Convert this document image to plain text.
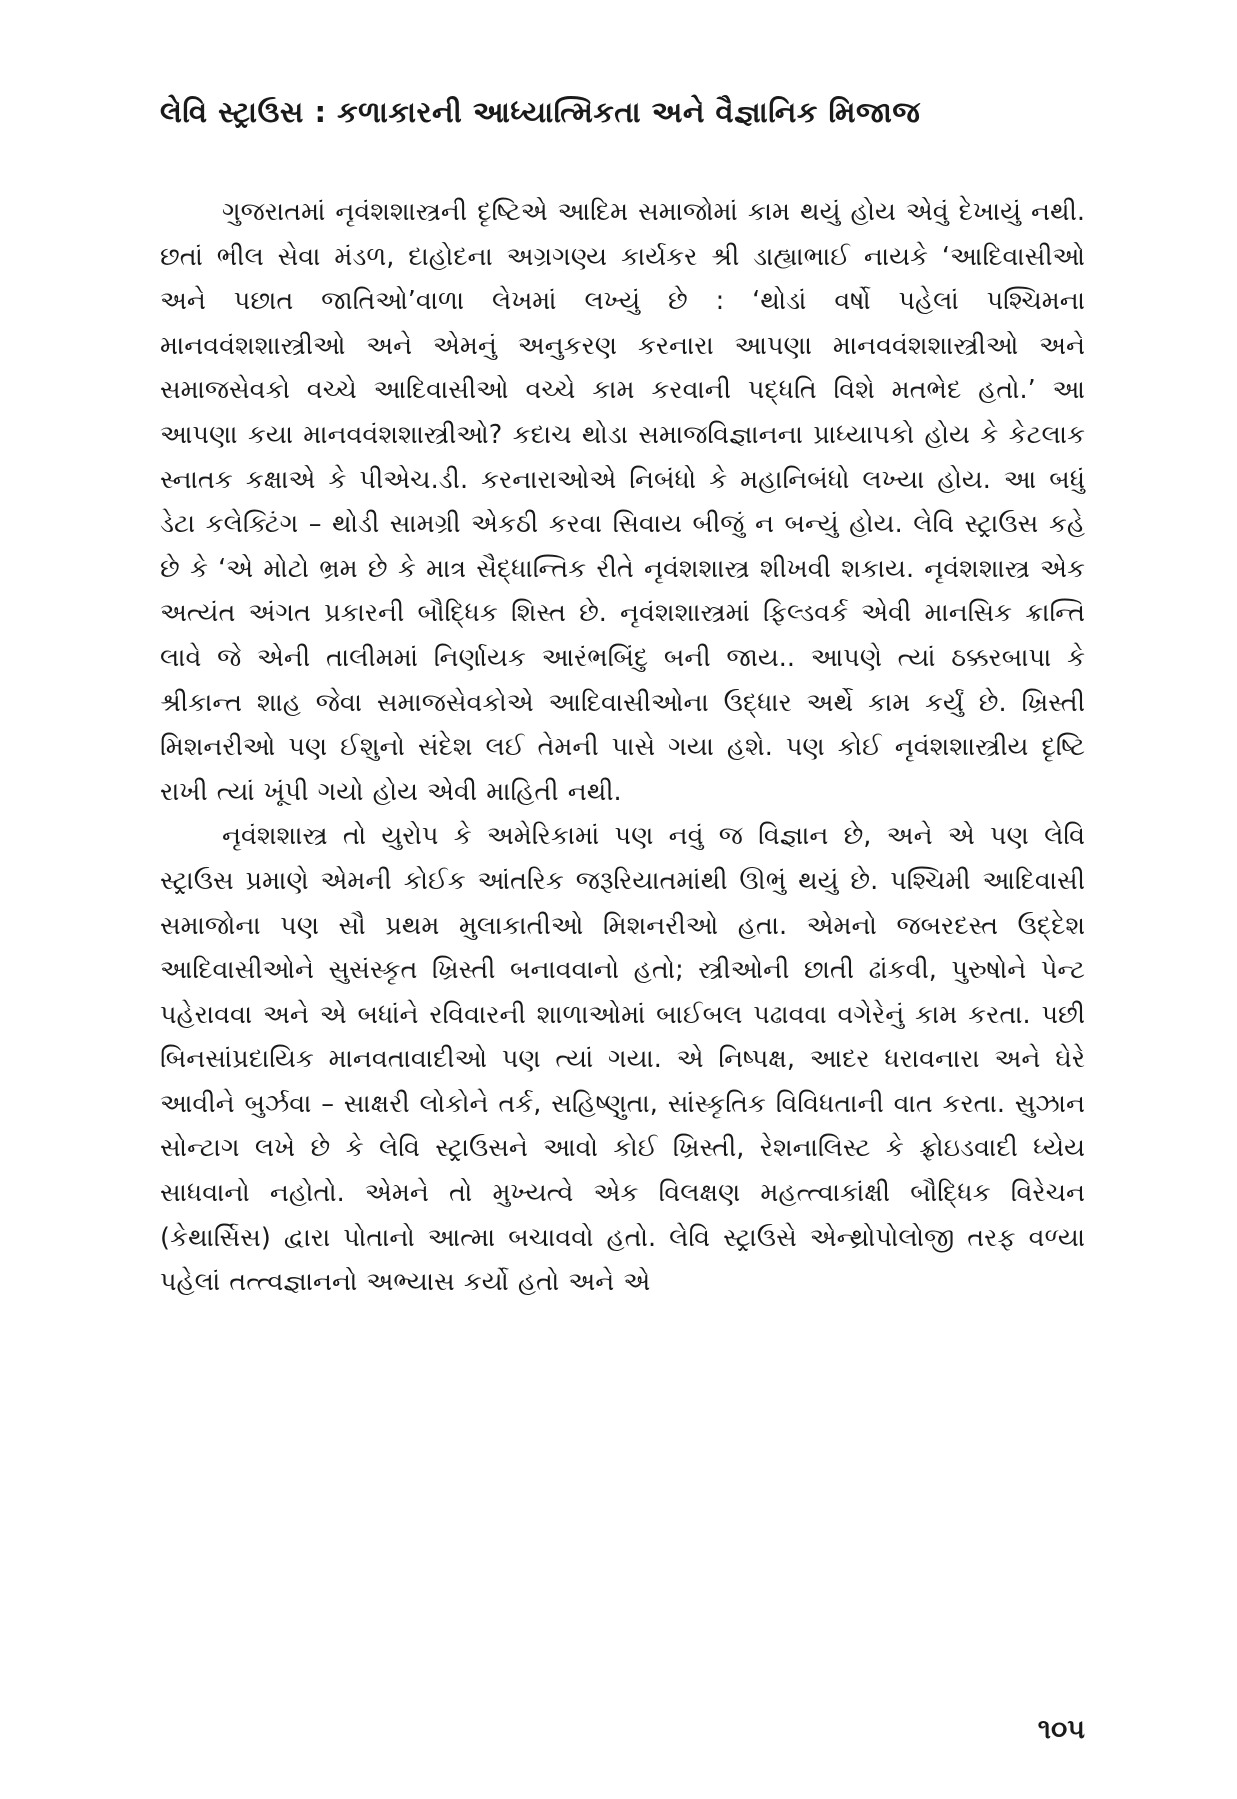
લેવિ સ્ટ્રાઉસ : કળાકારની આધ્યાત્મિકતા અને વૈજ્ઞાનિક મિજાજ

ગુજરાતમાં નૃવંશશાસ્ત્રની દૃષ્ટિએ આદિમ સમાજોમાં કામ થયું હોય એવું દેખાયું નથી. છતાં ભીલ સેવા મંડળ, દાહોદના અગ્રગણ્ય કાર્યકર શ્રી ડાહ્યાભાઈ નાયકે ‘આદિવાસીઓ અને પછાત જાતિઓ’વાળા લેખમાં લખ્યું છે : ‘થોડાં વર્ષો પહેલાં પશ્ચિમના માનવવંશશાસ્ત્રીઓ અને એમનું અનુકરણ કરનારા આપણા માનવવંશશાસ્ત્રીઓ અને સમાજસેવકો વચ્ચે આદિવાસીઓ વચ્ચે કામ કરવાની પદ્ધતિ વિશે મતભેદ હતો.’ આ આપણા કયા માનવવંશશાસ્ત્રીઓ? કદાચ થોડા સમાજવિજ્ઞાનના પ્રાધ્યાપકો હોય કે કેટલાક સ્નાતક કક્ષાએ કે પીએચ.ડી. કરનારાઓએ નિબંધો કે મહાનિબંધો લખ્યા હોય. આ બધું ડેટા કલેક્ટિંગ – થોડી સામગ્રી એકઠી કરવા સિવાય બીજું ન બન્યું હોય. લેવિ સ્ટ્રાઉસ કહે છે કે ‘એ મોટો ભ્રમ છે કે માત્ર સૈદ્ધાન્તિક રીતે નૃવંશશાસ્ત્ર શીખવી શકાય. નૃવંશશાસ્ત્ર એક અત્યંત અંગત પ્રકારની બૌદ્ધિક શિસ્ત છે. નૃવંશશાસ્ત્રમાં ફિલ્ડવર્ક એવી માનસિક ક્રાન્તિ લાવે જે એની તાલીમમાં નિર્ણાયક આરંભબિંદુ બની જાય.. આપણે ત્યાં ઠક્કરબાપા કે શ્રીકાન્ત શાહ જેવા સમાજસેવકોએ આદિવાસીઓના ઉદ્ધાર અર્થે કામ કર્યું છે. ખ્રિસ્તી મિશનરીઓ પણ ઈશુનો સંદેશ લઈ તેમની પાસે ગયા હશે. પણ કોઈ નૃવંશશાસ્ત્રીય દૃષ્ટિ રાખી ત્યાં ખૂંપી ગયો હોય એવી માહિતી નથી.

નૃવંશશાસ્ત્ર તો યુરોપ કે અમેરિકામાં પણ નવું જ વિજ્ઞાન છે, અને એ પણ લેવિ સ્ટ્રાઉસ પ્રમાણે એમની કોઈક આંતરિક જરૂરિયાતમાંથી ઊભું થયું છે. પશ્ચિમી આદિવાસી સમાજોના પણ સૌ પ્રથમ મુલાકાતીઓ મિશનરીઓ હતા. એમનો જબરદસ્ત ઉદ્દેશ આદિવાસીઓને સુસંસ્કૃત ખ્રિસ્તી બનાવવાનો હતો; સ્ત્રીઓની છાતી ઢાંકવી, પુરુષોને પેન્ટ પહેરાવવા અને એ બધાંને રવિવારની શાળાઓમાં બાઈબલ પઢાવવા વગેરેનું કામ કરતા. પછી બિનસાંપ્રદાયિક માનવતાવાદીઓ પણ ત્યાં ગયા. એ નિષ્પક્ષ, આદર ધરાવનારા અને ઘેરે આવીને બુર્ઝવા – સાક્ષરી લોકોને તર્ક, સહિષ્ણુતા, સાંસ્કૃતિક વિવિધતાની વાત કરતા. સુઝાન સોન્ટાગ લખે છે કે લેવિ સ્ટ્રાઉસને આવો કોઈ ખ્રિસ્તી, રેશનાલિસ્ટ કે ફ્રોઇડવાદી ધ્યેય સાધવાનો નહોતો. એમને તો મુખ્યત્વે એક વિલક્ષણ મહત્ત્વાકાંક્ષી બૌદ્ધિક વિરેચન (કેથાર્સિસ) દ્વારા પોતાનો આત્મા બચાવવો હતો. લેવિ સ્ટ્રાઉસે એન્થ્રોપોલોજી તરફ વળ્યા પહેલાં તત્ત્વજ્ઞાનનો અભ્યાસ કર્યો હતો અને એ

૧૦૫
